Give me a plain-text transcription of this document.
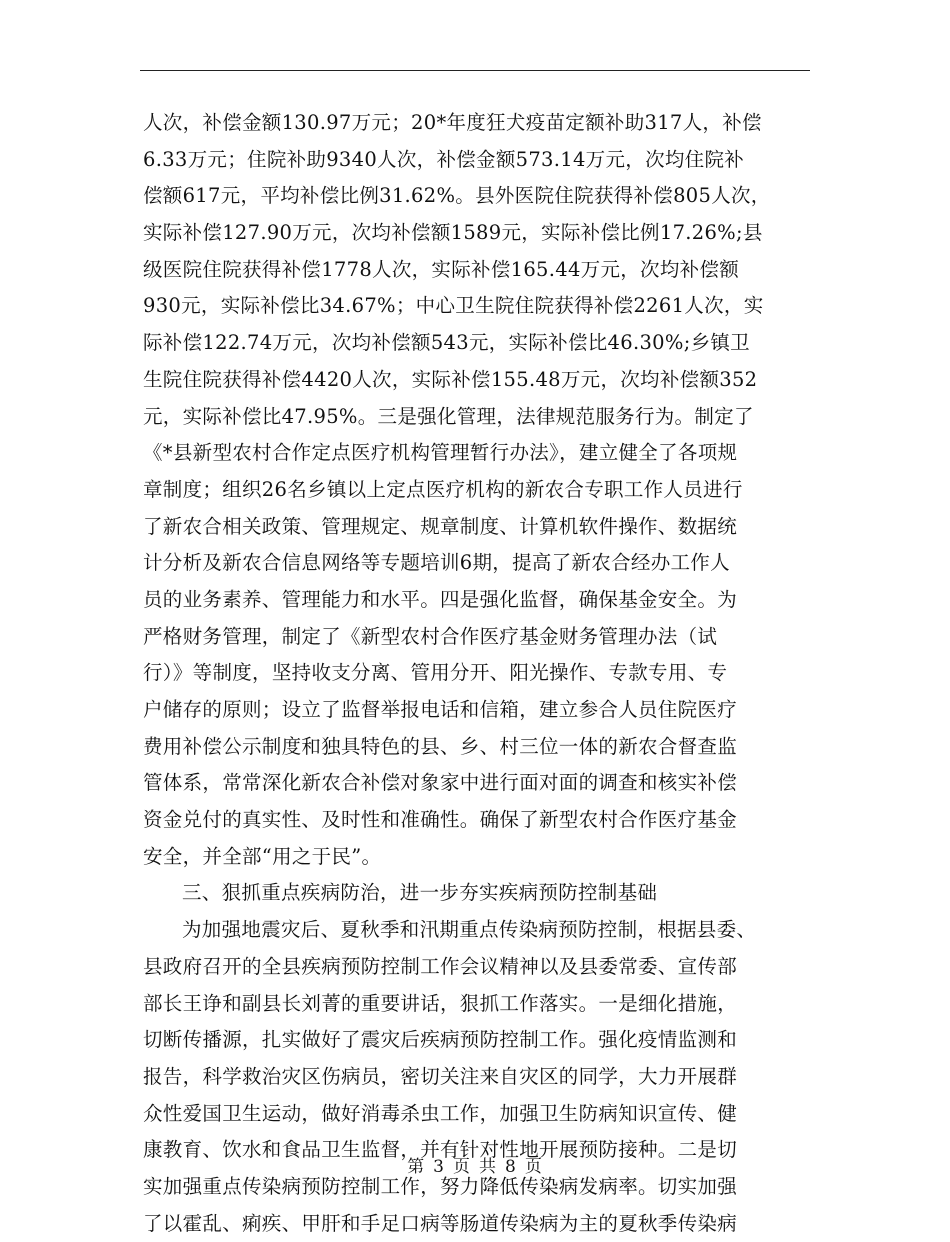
人次，补偿金额130.97万元；20*年度狂犬疫苗定额补助317人，补偿
6.33万元；住院补助9340人次，补偿金额573.14万元，次均住院补
偿额617元，平均补偿比例31.62%。县外医院住院获得补偿805人次，
实际补偿127.90万元，次均补偿额1589元，实际补偿比例17.26%;县
级医院住院获得补偿1778人次，实际补偿165.44万元，次均补偿额
930元，实际补偿比34.67%；中心卫生院住院获得补偿2261人次，实
际补偿122.74万元，次均补偿额543元，实际补偿比46.30%;乡镇卫
生院住院获得补偿4420人次，实际补偿155.48万元，次均补偿额352
元，实际补偿比47.95%。三是强化管理，法律规范服务行为。制定了
《*县新型农村合作定点医疗机构管理暂行办法》，建立健全了各项规
章制度；组织26名乡镇以上定点医疗机构的新农合专职工作人员进行
了新农合相关政策、管理规定、规章制度、计算机软件操作、数据统
计分析及新农合信息网络等专题培训6期，提高了新农合经办工作人
员的业务素养、管理能力和水平。四是强化监督，确保基金安全。为
严格财务管理，制定了《新型农村合作医疗基金财务管理办法（试
行）》等制度，坚持收支分离、管用分开、阳光操作、专款专用、专
户储存的原则；设立了监督举报电话和信箱，建立参合人员住院医疗
费用补偿公示制度和独具特色的县、乡、村三位一体的新农合督查监
管体系，常常深化新农合补偿对象家中进行面对面的调查和核实补偿
资金兑付的真实性、及时性和准确性。确保了新型农村合作医疗基金
安全，并全部“用之于民”。
三、狠抓重点疾病防治，进一步夯实疾病预防控制基础
为加强地震灾后、夏秋季和汛期重点传染病预防控制，根据县委、
县政府召开的全县疾病预防控制工作会议精神以及县委常委、宣传部
部长王诤和副县长刘菁的重要讲话，狠抓工作落实。一是细化措施，
切断传播源，扎实做好了震灾后疾病预防控制工作。强化疫情监测和
报告，科学救治灾区伤病员，密切关注来自灾区的同学，大力开展群
众性爱国卫生运动，做好消毒杀虫工作，加强卫生防病知识宣传、健
康教育、饮水和食品卫生监督，并有针对性地开展预防接种。二是切
实加强重点传染病预防控制工作，努力降低传染病发病率。切实加强
了以霍乱、痢疾、甲肝和手足口病等肠道传染病为主的夏秋季传染病
第 3 页 共 8 页
